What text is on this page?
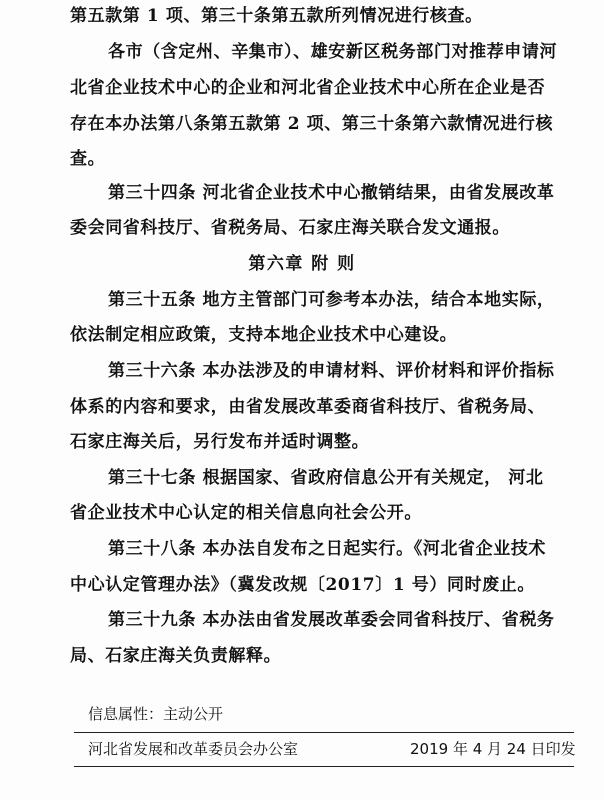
第五款第 1 项、第三十条第五款所列情况进行核查。
各市（含定州、辛集市）、雄安新区税务部门对推荐申请河
北省企业技术中心的企业和河北省企业技术中心所在企业是否
存在本办法第八条第五款第 2 项、第三十条第六款情况进行核
查。
第三十四条 河北省企业技术中心撤销结果，由省发展改革
委会同省科技厅、省税务局、石家庄海关联合发文通报。
第六章 附 则
第三十五条 地方主管部门可参考本办法，结合本地实际，
依法制定相应政策，支持本地企业技术中心建设。
第三十六条 本办法涉及的申请材料、评价材料和评价指标
体系的内容和要求，由省发展改革委商省科技厅、省税务局、
石家庄海关后，另行发布并适时调整。
第三十七条 根据国家、省政府信息公开有关规定， 河北
省企业技术中心认定的相关信息向社会公开。
第三十八条 本办法自发布之日起实行。《河北省企业技术
中心认定管理办法》（冀发改规〔2017〕1 号）同时废止。
第三十九条 本办法由省发展改革委会同省科技厅、省税务
局、石家庄海关负责解释。
信息属性：主动公开
河北省发展和改革委员会办公室	2019 年 4 月 24 日印发
